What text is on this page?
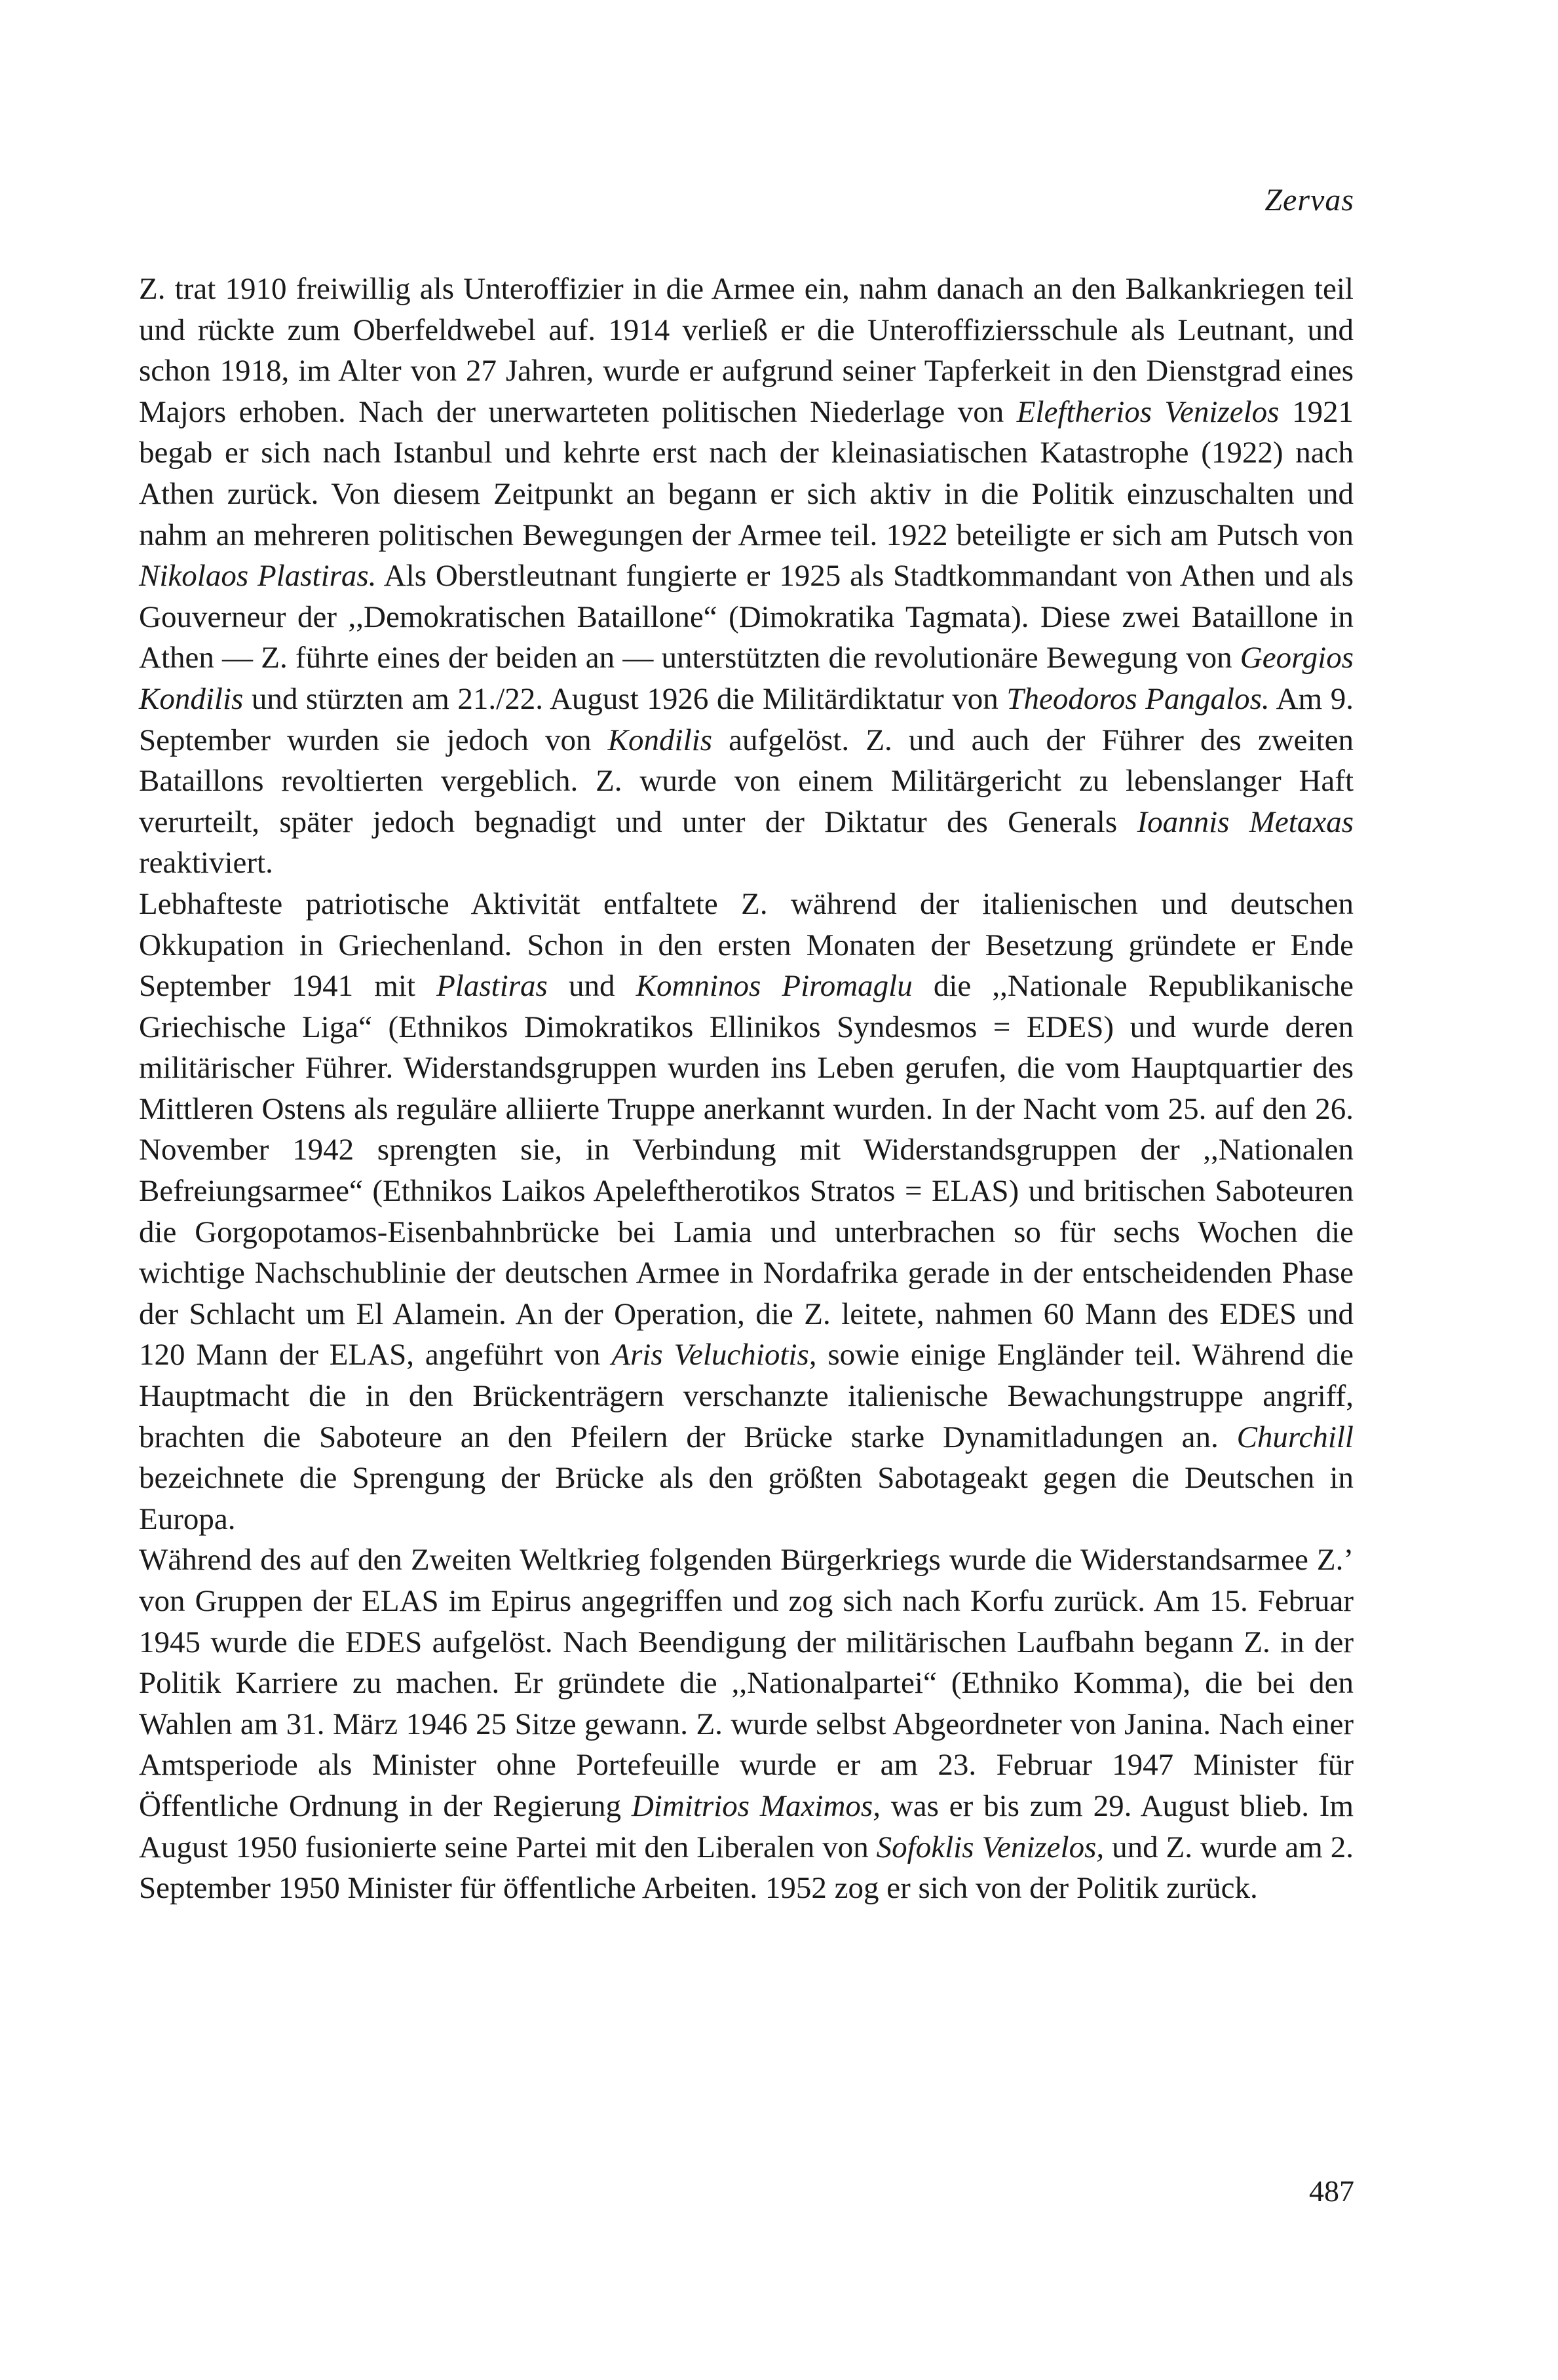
Zervas

Z. trat 1910 freiwillig als Unteroffizier in die Armee ein, nahm danach an den Balkankriegen teil und rückte zum Oberfeldwebel auf. 1914 verließ er die Unteroffiziersschule als Leutnant, und schon 1918, im Alter von 27 Jahren, wurde er aufgrund seiner Tapferkeit in den Dienstgrad eines Majors erhoben. Nach der unerwarteten politischen Niederlage von Eleftherios Venizelos 1921 begab er sich nach Istanbul und kehrte erst nach der kleinasiatischen Katastrophe (1922) nach Athen zurück. Von diesem Zeitpunkt an begann er sich aktiv in die Politik einzuschalten und nahm an mehreren politischen Bewegungen der Armee teil. 1922 beteiligte er sich am Putsch von Nikolaos Plastiras. Als Oberstleutnant fungierte er 1925 als Stadtkommandant von Athen und als Gouverneur der ,,Demokratischen Bataillone“ (Dimokratika Tagmata). Diese zwei Bataillone in Athen — Z. führte eines der beiden an — unterstützten die revolutionäre Bewegung von Georgios Kondilis und stürzten am 21./22. August 1926 die Militärdiktatur von Theodoros Pangalos. Am 9. September wurden sie jedoch von Kondilis aufgelöst. Z. und auch der Führer des zweiten Bataillons revoltierten vergeblich. Z. wurde von einem Militärgericht zu lebenslanger Haft verurteilt, später jedoch begnadigt und unter der Diktatur des Generals Ioannis Metaxas reaktiviert.

Lebhafteste patriotische Aktivität entfaltete Z. während der italienischen und deutschen Okkupation in Griechenland. Schon in den ersten Monaten der Besetzung gründete er Ende September 1941 mit Plastiras und Komninos Piromaglu die ,,Nationale Republikanische Griechische Liga“ (Ethnikos Dimokratikos Ellinikos Syndesmos = EDES) und wurde deren militärischer Führer. Widerstandsgruppen wurden ins Leben gerufen, die vom Hauptquartier des Mittleren Ostens als reguläre alliierte Truppe anerkannt wurden. In der Nacht vom 25. auf den 26. November 1942 sprengten sie, in Verbindung mit Widerstandsgruppen der ,,Nationalen Befreiungsarmee“ (Ethnikos Laikos Apeleftherotikos Stratos = ELAS) und britischen Saboteuren die Gorgopotamos-Eisenbahnbrücke bei Lamia und unterbrachen so für sechs Wochen die wichtige Nachschublinie der deutschen Armee in Nordafrika gerade in der entscheidenden Phase der Schlacht um El Alamein. An der Operation, die Z. leitete, nahmen 60 Mann des EDES und 120 Mann der ELAS, angeführt von Aris Veluchiotis, sowie einige Engländer teil. Während die Hauptmacht die in den Brückenträgern verschanzte italienische Bewachungstruppe angriff, brachten die Saboteure an den Pfeilern der Brücke starke Dynamitladungen an. Churchill bezeichnete die Sprengung der Brücke als den größten Sabotageakt gegen die Deutschen in Europa.

Während des auf den Zweiten Weltkrieg folgenden Bürgerkriegs wurde die Widerstandsarmee Z.’ von Gruppen der ELAS im Epirus angegriffen und zog sich nach Korfu zurück. Am 15. Februar 1945 wurde die EDES aufgelöst. Nach Beendigung der militärischen Laufbahn begann Z. in der Politik Karriere zu machen. Er gründete die ,,Nationalpartei“ (Ethniko Komma), die bei den Wahlen am 31. März 1946 25 Sitze gewann. Z. wurde selbst Abgeordneter von Janina. Nach einer Amtsperiode als Minister ohne Portefeuille wurde er am 23. Februar 1947 Minister für Öffentliche Ordnung in der Regierung Dimitrios Maximos, was er bis zum 29. August blieb. Im August 1950 fusionierte seine Partei mit den Liberalen von Sofoklis Venizelos, und Z. wurde am 2. September 1950 Minister für öffentliche Arbeiten. 1952 zog er sich von der Politik zurück.

487
